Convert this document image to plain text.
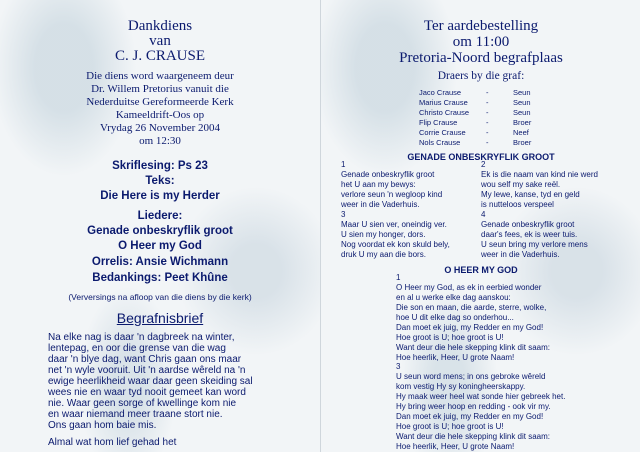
Dankdiens
van
C. J. CRAUSE
Die diens word waargeneem deur
Dr. Willem Pretorius vanuit die
Nederduitse Gereformeerde Kerk
Kameeldrift-Oos op
Vrydag 26 November 2004
om 12:30
Skriflesing: Ps 23
Teks:
Die Here is my Herder
Liedere:
Genade onbeskryflik groot
O Heer my God
Orrelis: Ansie Wichmann
Bedankings: Peet Khûne
(Verversings na afloop van die diens by die kerk)
Begrafnisbrief
Na elke nag is daar 'n dagbreek na winter,
lentepag, en oor die grense van die wag
daar 'n blye dag, want Chris gaan ons maar
net 'n wyle vooruit. Uit 'n aardse wêreld na 'n
ewige heerlikheid waar daar geen skeiding sal
wees nie en waar tyd nooit gemeet kan word
nie. Waar geen sorge of kwellinge kom nie
en waar niemand meer traane stort nie.
Ons gaan hom baie mis.
Almal wat hom lief gehad het
Ter aardebestelling
om 11:00
Pretoria-Noord begrafplaas
Draers by die graf:
Jaco Crause	-	Seun
Marius Crause -	Seun
Christo Crause -	Seun
Flip Crause	-	Broer
Corrie Crause	-	Neef
Nols Crause	-	Broer
GENADE ONBESKRYFLIK GROOT
1
Genade onbeskryflik groot
het U aan my bewys:
verlore seun 'n wegloop kind
weer in die Vaderhuis.
2
Ek is die naam van kind nie werd
wou self my sake reël.
My lewe, kanse, tyd en geld
is nutteloos verspeel
3
Maar U sien ver, oneindig ver.
U sien my honger, dors.
Nog voordat ek kon skuld bely,
druk U my aan die bors.
4
Genade onbeskryflik groot
daar's fees, ek is weer tuis.
U seun bring my verlore mens
weer in die Vaderhuis.
O HEER MY GOD
1
O Heer my God, as ek in eerbied wonder
en al u werke elke dag aanskou:
Die son en maan, die aarde, sterre, wolke,
hoe U dit elke dag so onderhou...
Dan moet ek juig, my Redder en my God!
Hoe groot is U; hoe groot is U!
Want deur die hele skepping klink dit saam:
Hoe heerlik, Heer, U grote Naam!
3
U seun word mens; in ons gebroke wêreld
kom vestig Hy sy koningheerskappy.
Hy maak weer heel wat sonde hier gebreek het.
Hy bring weer hoop en redding - ook vir my.
Dan moet ek juig, my Redder en my God!
Hoe groot is U; hoe groot is U!
Want deur die hele skepping klink dit saam:
Hoe heerlik, Heer, U grote Naam!
